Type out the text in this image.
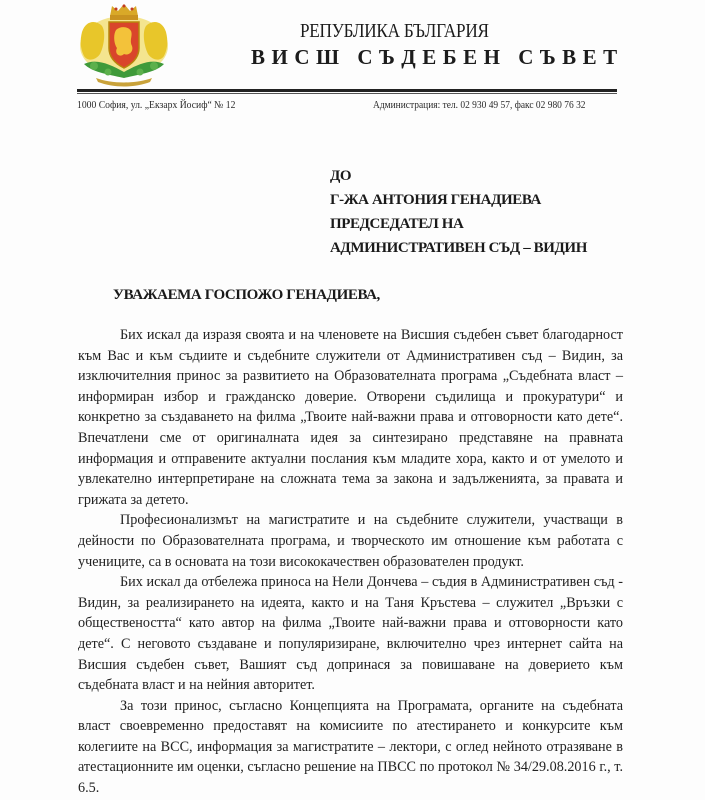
РЕПУБЛИКА БЪЛГАРИЯ
ВИСШ СЪДЕБЕН СЪВЕТ
1000 София, ул. „Екзарх Йосиф“ № 12	Администрация: тел. 02 930 49 57, факс 02 980 76 32
ДО
Г-ЖА АНТОНИЯ ГЕНАДИЕВА
ПРЕДСЕДАТЕЛ НА
АДМИНИСТРАТИВЕН СЪД – ВИДИН
УВАЖАЕМА ГОСПОЖО ГЕНАДИЕВА,

Бих искал да изразя своята и на членовете на Висшия съдебен съвет благодарност към Вас и към съдиите и съдебните служители от Административен съд – Видин, за изключителния принос за развитието на Образователната програма „Съдебната власт – информиран избор и гражданско доверие. Отворени съдилища и прокуратури“ и конкретно за създаването на филма „Твоите най-важни права и отговорности като дете“. Впечатлени сме от оригиналната идея за синтезирано представяне на правната информация и отправените актуални послания към младите хора, както и от умелото и увлекателно интерпретиране на сложната тема за закона и задълженията, за правата и грижата за детето.

Професионализмът на магистратите и на съдебните служители, участващи в дейности по Образователната програма, и творческото им отношение към работата с учениците, са в основата на този висококачествен образователен продукт.

Бих искал да отбележа приноса на Нели Дончева – съдия в Административен съд - Видин, за реализирането на идеята, както и на Таня Кръстева – служител „Връзки с обществеността“ като автор на филма „Твоите най-важни права и отговорности като дете“. С неговото създаване и популяризиране, включително чрез интернет сайта на Висшия съдебен съвет, Вашият съд допринася за повишаване на доверието към съдебната власт и на нейния авторитет.

За този принос, съгласно Концепцията на Програмата, органите на съдебната власт своевременно предоставят на комисиите по атестирането и конкурсите към колегиите на ВСС, информация за магистратите – лектори, с оглед нейното отразяване в атестационните им оценки, съгласно решение на ПВСС по протокол № 34/29.08.2016 г., т. 6.5.
